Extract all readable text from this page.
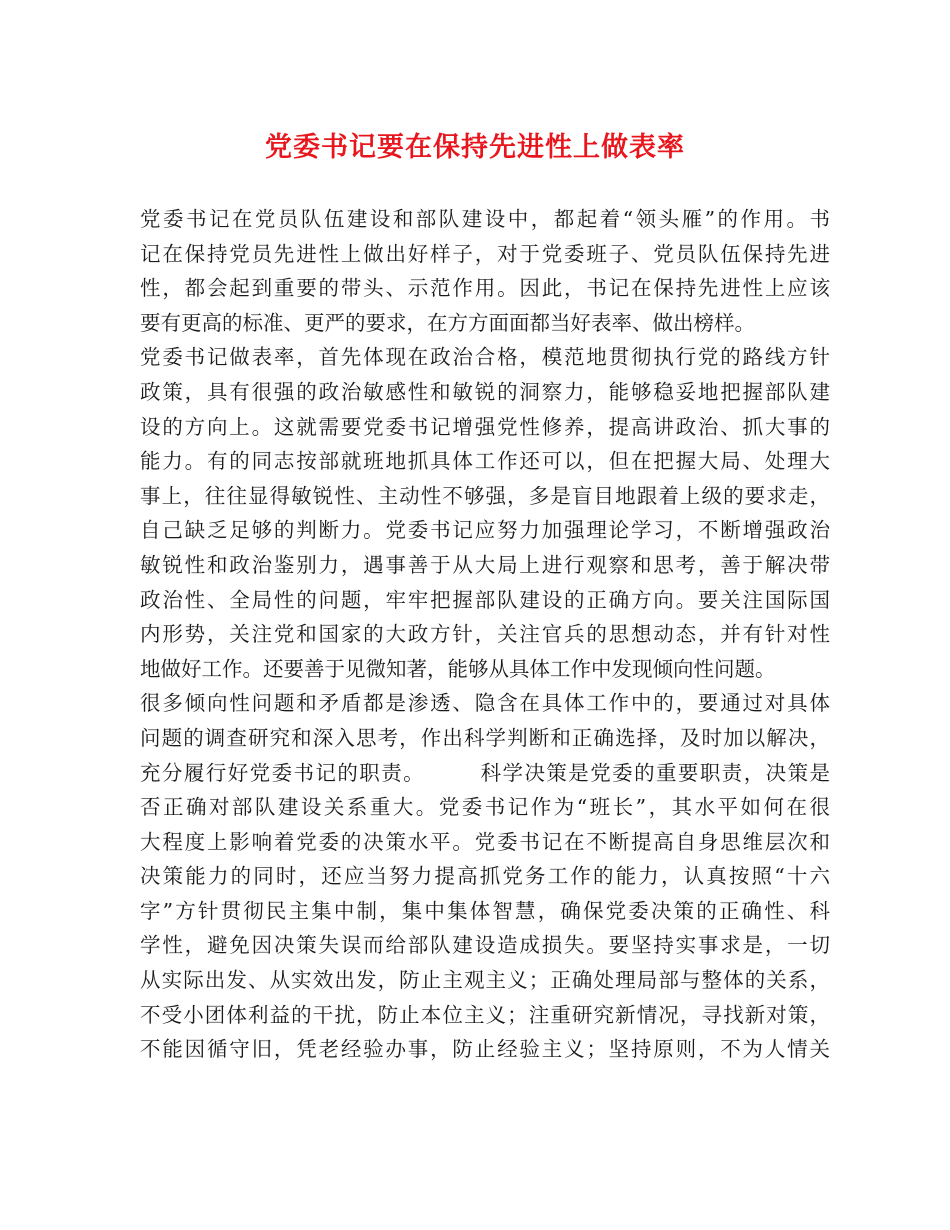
党委书记要在保持先进性上做表率
党委书记在党员队伍建设和部队建设中，都起着“领头雁”的作用。书
记在保持党员先进性上做出好样子，对于党委班子、党员队伍保持先进
性，都会起到重要的带头、示范作用。因此，书记在保持先进性上应该
要有更高的标准、更严的要求，在方方面面都当好表率、做出榜样。
党委书记做表率，首先体现在政治合格，模范地贯彻执行党的路线方针
政策，具有很强的政治敏感性和敏锐的洞察力，能够稳妥地把握部队建
设的方向上。这就需要党委书记增强党性修养，提高讲政治、抓大事的
能力。有的同志按部就班地抓具体工作还可以，但在把握大局、处理大
事上，往往显得敏锐性、主动性不够强，多是盲目地跟着上级的要求走，
自己缺乏足够的判断力。党委书记应努力加强理论学习，不断增强政治
敏锐性和政治鉴别力，遇事善于从大局上进行观察和思考，善于解决带
政治性、全局性的问题，牢牢把握部队建设的正确方向。要关注国际国
内形势，关注党和国家的大政方针，关注官兵的思想动态，并有针对性
地做好工作。还要善于见微知著，能够从具体工作中发现倾向性问题。
很多倾向性问题和矛盾都是渗透、隐含在具体工作中的，要通过对具体
问题的调查研究和深入思考，作出科学判断和正确选择，及时加以解决，
充分履行好党委书记的职责。　　　科学决策是党委的重要职责，决策是
否正确对部队建设关系重大。党委书记作为“班长”，其水平如何在很
大程度上影响着党委的决策水平。党委书记在不断提高自身思维层次和
决策能力的同时，还应当努力提高抓党务工作的能力，认真按照“十六
字”方针贯彻民主集中制，集中集体智慧，确保党委决策的正确性、科
学性，避免因决策失误而给部队建设造成损失。要坚持实事求是，一切
从实际出发、从实效出发，防止主观主义；正确处理局部与整体的关系，
不受小团体利益的干扰，防止本位主义；注重研究新情况，寻找新对策，
不能因循守旧，凭老经验办事，防止经验主义；坚持原则，不为人情关
